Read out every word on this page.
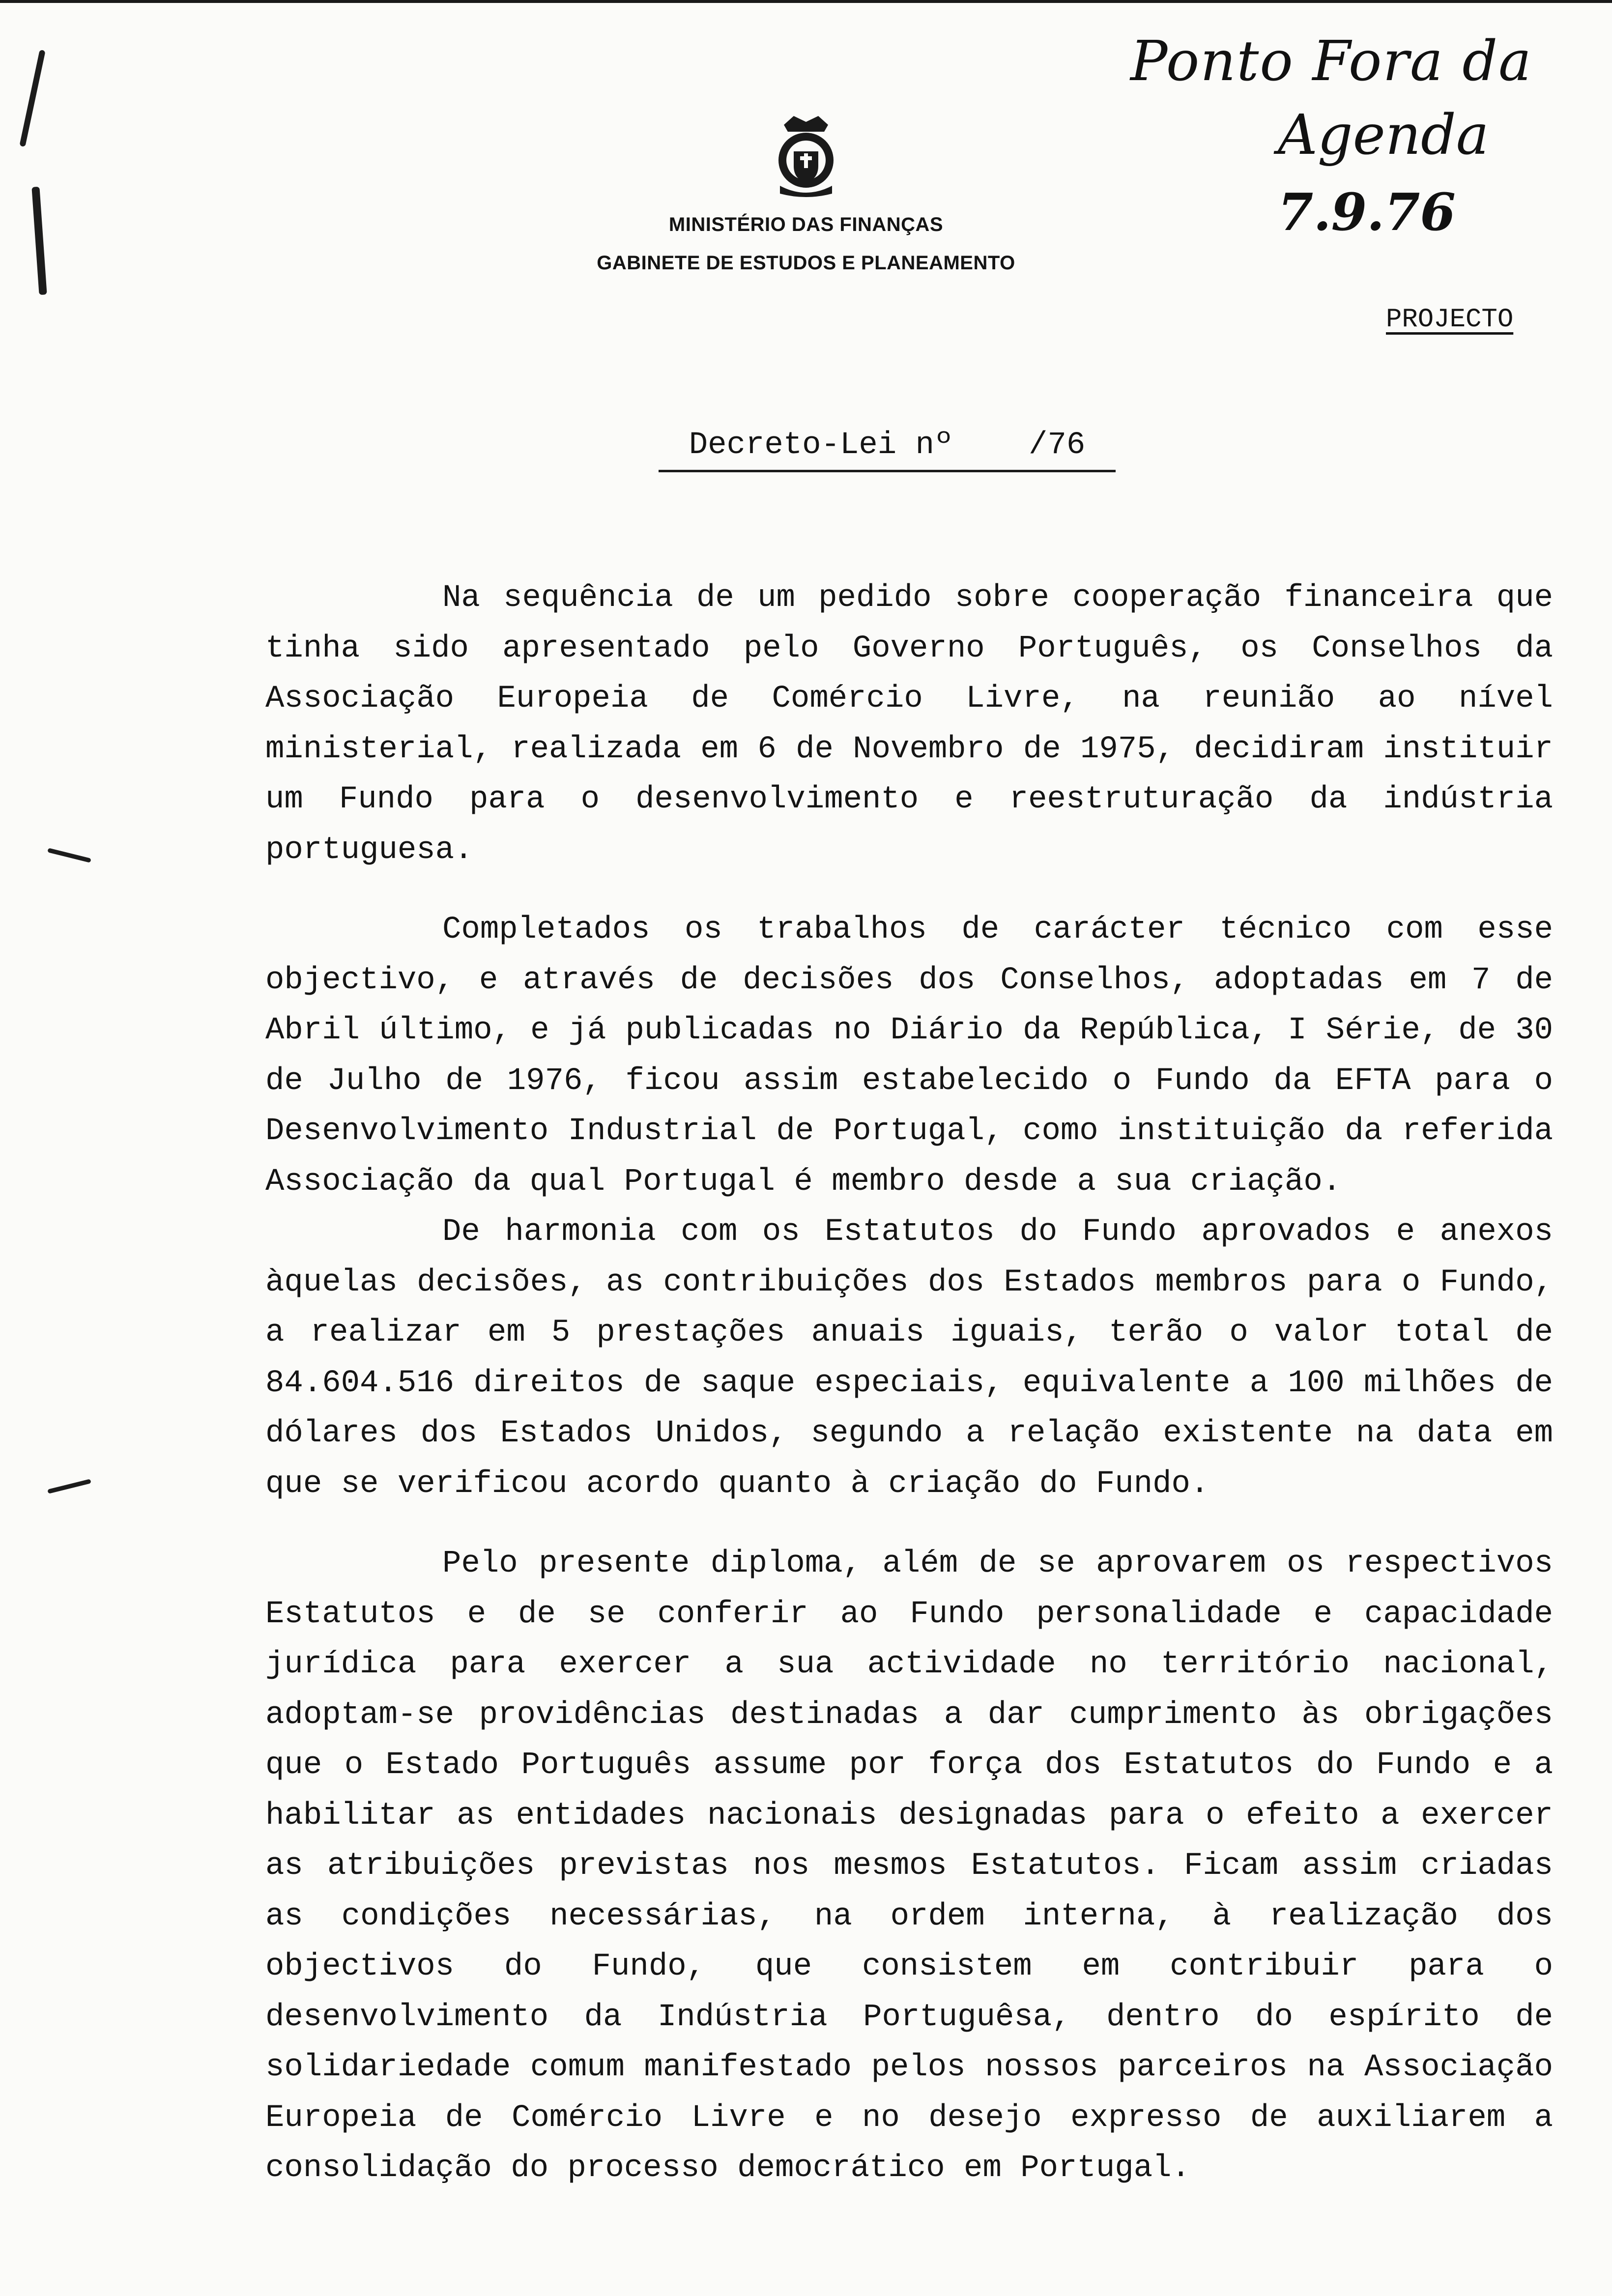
Ponto Fora da
Agenda
7.9.76
MINISTÉRIO DAS FINANÇAS
GABINETE DE ESTUDOS E PLANEAMENTO
PROJECTO
Decreto-Lei nº    /76

Na sequência de um pedido sobre cooperação financeira que tinha sido apresentado pelo Governo Português, os Conselhos da Associação Europeia de Comércio Livre, na reunião ao nível ministerial, realizada em 6 de Novembro de 1975, decidiram instituir um Fundo para o desenvolvimento e reestruturação da indústria portuguesa.

Completados os trabalhos de carácter técnico com esse objectivo, e através de decisões dos Conselhos, adoptadas em 7 de Abril último, e já publicadas no Diário da República, I Série, de 30 de Julho de 1976, ficou assim estabelecido o Fundo da EFTA para o Desenvolvimento Industrial de Portugal, como instituição da referida Associação da qual Portugal é membro desde a sua criação.

De harmonia com os Estatutos do Fundo aprovados e anexos àquelas decisões, as contribuições dos Estados membros para o Fundo, a realizar em 5 prestações anuais iguais, terão o valor total de 84.604.516 direitos de saque especiais, equivalente a 100 milhões de dólares dos Estados Unidos, segundo a relação existente na data em que se verificou acordo quanto à criação do Fundo.

Pelo presente diploma, além de se aprovarem os respectivos Estatutos e de se conferir ao Fundo personalidade e capacidade jurídica para exercer a sua actividade no território nacional, adoptam-se providências destinadas a dar cumprimento às obrigações que o Estado Português assume por força dos Estatutos do Fundo e a habilitar as entidades nacionais designadas para o efeito a exercer as atribuições previstas nos mesmos Estatutos. Ficam assim criadas as condições necessárias, na ordem interna, à realização dos objectivos do Fundo, que consistem em contribuir para o desenvolvimento da Indústria Portuguêsa, dentro do espírito de solidariedade comum manifestado pelos nossos parceiros na Associação Europeia de Comércio Livre e no desejo expresso de auxiliarem a consolidação do processo democrático em Portugal.
